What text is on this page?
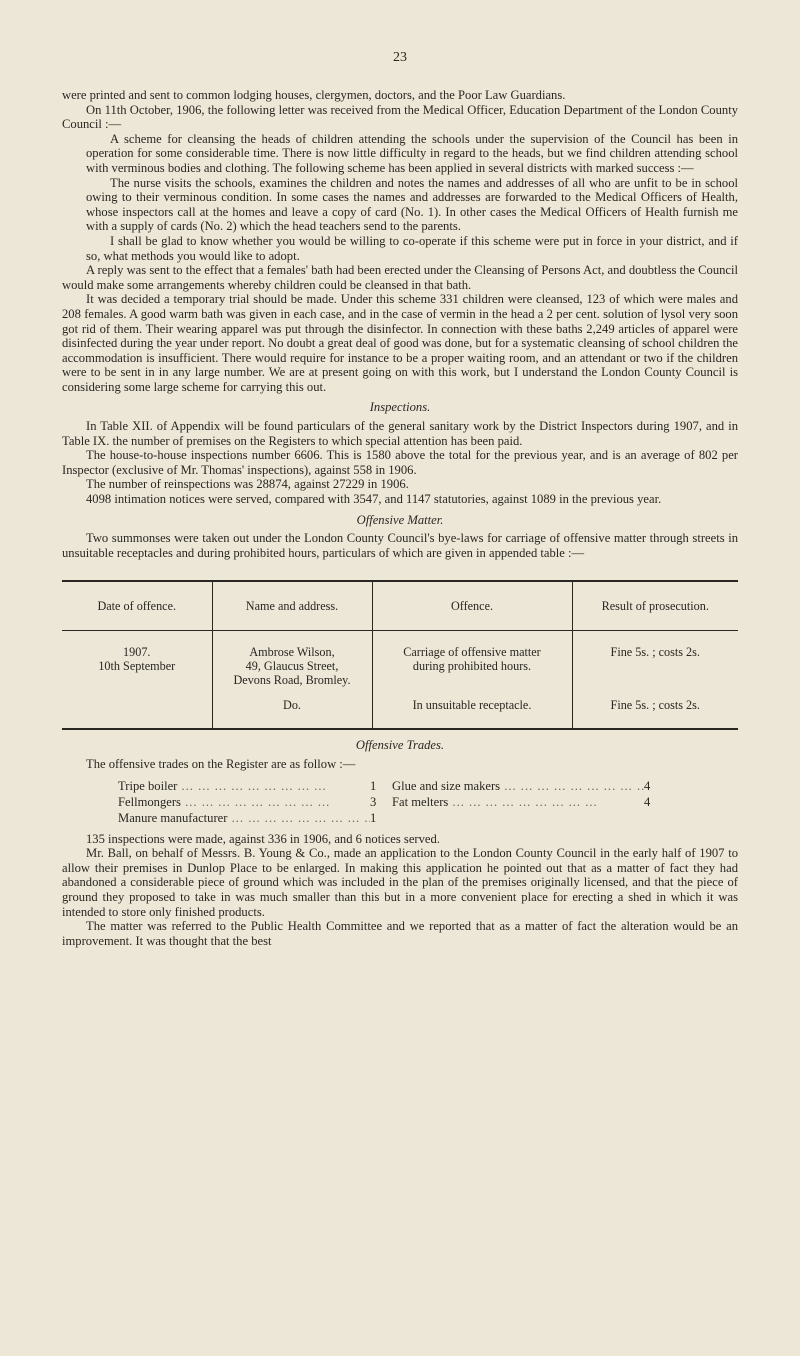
23

were printed and sent to common lodging houses, clergymen, doctors, and the Poor Law Guardians.

On 11th October, 1906, the following letter was received from the Medical Officer, Education Department of the London County Council :—

A scheme for cleansing the heads of children attending the schools under the supervision of the Council has been in operation for some considerable time. There is now little difficulty in regard to the heads, but we find children attending school with verminous bodies and clothing. The following scheme has been applied in several districts with marked success :—

The nurse visits the schools, examines the children and notes the names and addresses of all who are unfit to be in school owing to their verminous condition. In some cases the names and addresses are forwarded to the Medical Officers of Health, whose inspectors call at the homes and leave a copy of card (No. 1). In other cases the Medical Officers of Health furnish me with a supply of cards (No. 2) which the head teachers send to the parents.

I shall be glad to know whether you would be willing to co-operate if this scheme were put in force in your district, and if so, what methods you would like to adopt.

A reply was sent to the effect that a females' bath had been erected under the Cleansing of Persons Act, and doubtless the Council would make some arrangements whereby children could be cleansed in that bath.

It was decided a temporary trial should be made. Under this scheme 331 children were cleansed, 123 of which were males and 208 females. A good warm bath was given in each case, and in the case of vermin in the head a 2 per cent. solution of lysol very soon got rid of them. Their wearing apparel was put through the disinfector. In connection with these baths 2,249 articles of apparel were disinfected during the year under report. No doubt a great deal of good was done, but for a systematic cleansing of school children the accommodation is insufficient. There would require for instance to be a proper waiting room, and an attendant or two if the children were to be sent in in any large number. We are at present going on with this work, but I understand the London County Council is considering some large scheme for carrying this out.

Inspections.

In Table XII. of Appendix will be found particulars of the general sanitary work by the District Inspectors during 1907, and in Table IX. the number of premises on the Registers to which special attention has been paid.

The house-to-house inspections number 6606. This is 1580 above the total for the previous year, and is an average of 802 per Inspector (exclusive of Mr. Thomas' inspections), against 558 in 1906.

The number of reinspections was 28874, against 27229 in 1906.

4098 intimation notices were served, compared with 3547, and 1147 statutories, against 1089 in the previous year.

Offensive Matter.

Two summonses were taken out under the London County Council's bye-laws for carriage of offensive matter through streets in unsuitable receptacles and during prohibited hours, particulars of which are given in appended table :—

Date of offence.	Name and address.	Offence.	Result of prosecution.
1907.
10th September	Ambrose Wilson,
49, Glaucus Street,
Devons Road, Bromley.	Carriage of offensive matter
during prohibited hours.	Fine 5s. ; costs 2s.
	Do.	In unsuitable receptacle.	Fine 5s. ; costs 2s.
Offensive Trades.

The offensive trades on the Register are as follow :—

Tripe boiler ... .	1	Glue and size makers ... .	4
Fellmongers ... .	3	Fat melters ... .	4
Manure manufacturer ... .	1

135 inspections were made, against 336 in 1906, and 6 notices served.

Mr. Ball, on behalf of Messrs. B. Young & Co., made an application to the London County Council in the early half of 1907 to allow their premises in Dunlop Place to be enlarged. In making this application he pointed out that as a matter of fact they had abandoned a considerable piece of ground which was included in the plan of the premises originally licensed, and that the piece of ground they proposed to take in was much smaller than this but in a more convenient place for erecting a shed in which it was intended to store only finished products.

The matter was referred to the Public Health Committee and we reported that as a matter of fact the alteration would be an improvement. It was thought that the best
